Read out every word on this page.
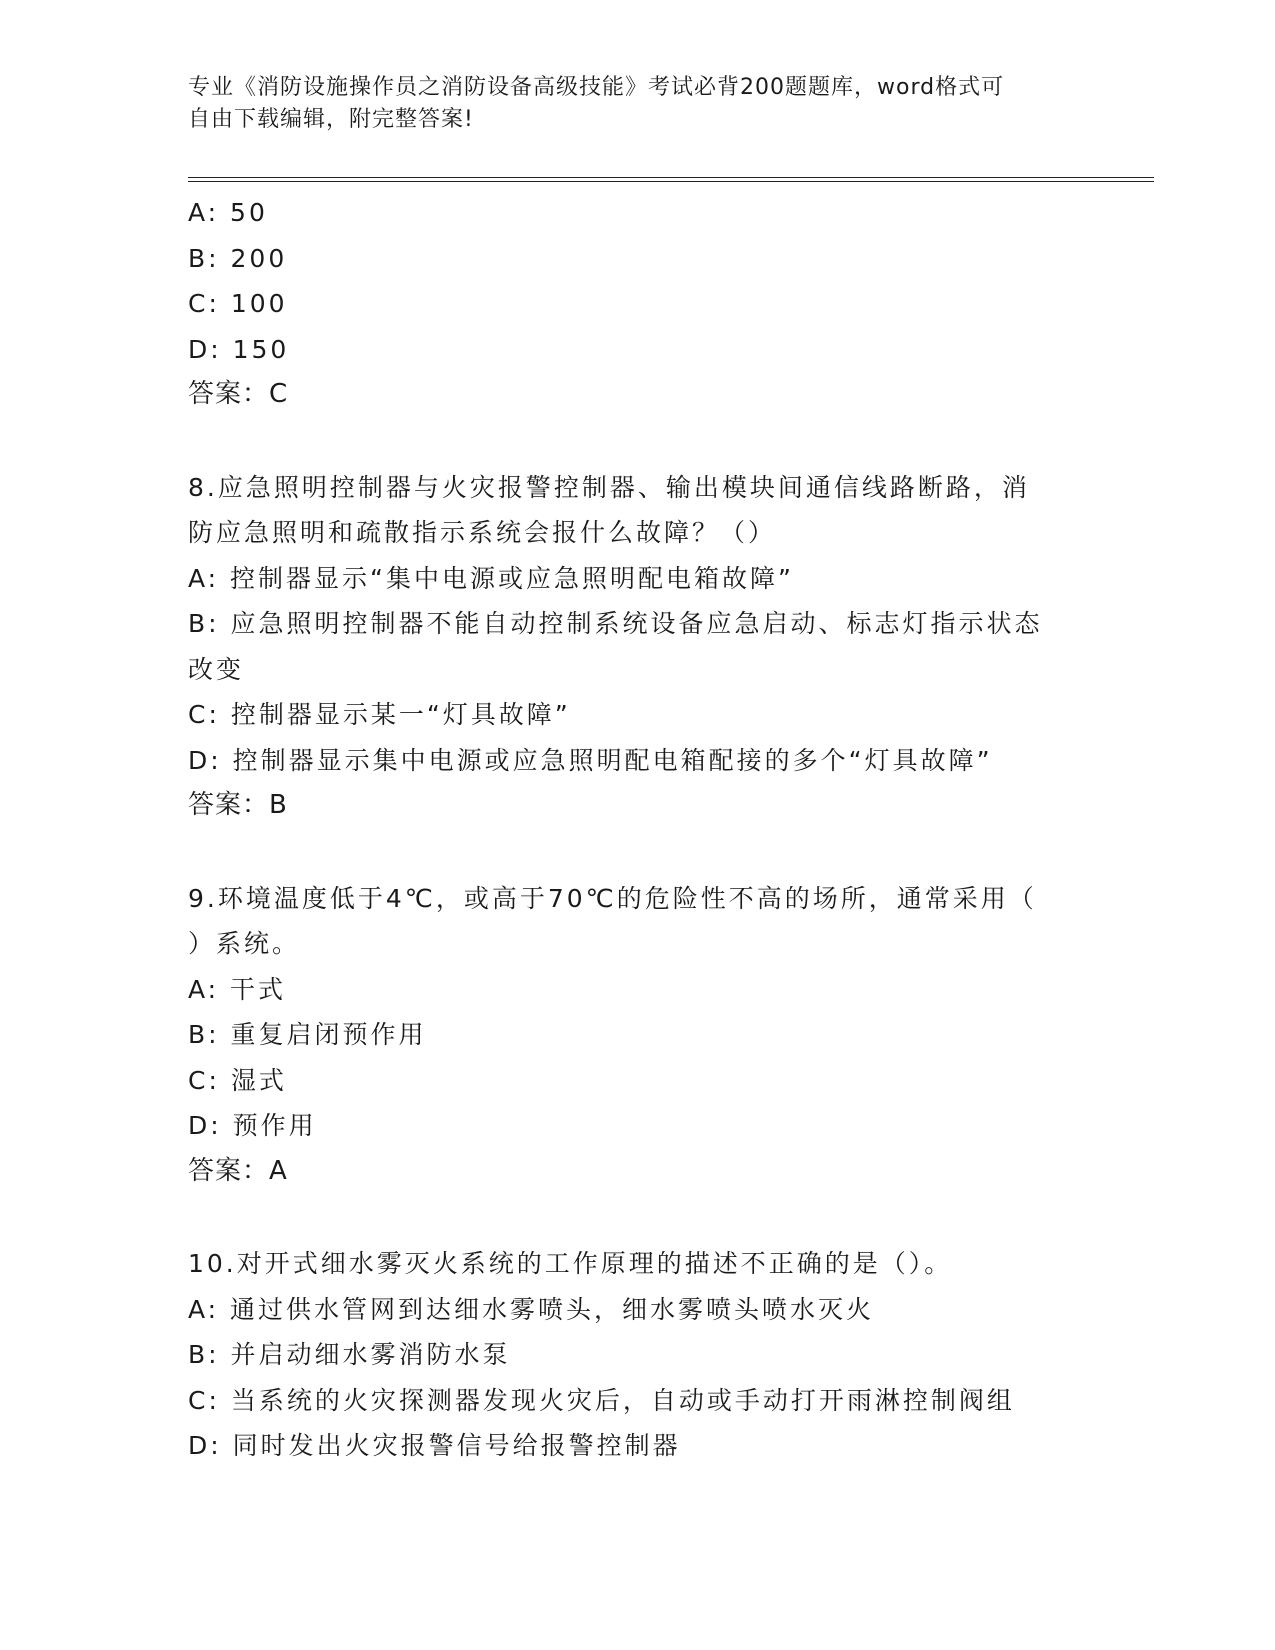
专业《消防设施操作员之消防设备高级技能》考试必背200题题库，word格式可
自由下载编辑，附完整答案!
A: 50
B: 200
C: 100
D: 150
答案：C
8.应急照明控制器与火灾报警控制器、输出模块间通信线路断路，消
防应急照明和疏散指示系统会报什么故障？（）
A: 控制器显示“集中电源或应急照明配电箱故障”
B: 应急照明控制器不能自动控制系统设备应急启动、标志灯指示状态
改变
C: 控制器显示某一“灯具故障”
D: 控制器显示集中电源或应急照明配电箱配接的多个“灯具故障”
答案：B
9.环境温度低于4℃，或高于70℃的危险性不高的场所，通常采用（
）系统。
A: 干式
B: 重复启闭预作用
C: 湿式
D: 预作用
答案：A
10.对开式细水雾灭火系统的工作原理的描述不正确的是（）。
A: 通过供水管网到达细水雾喷头，细水雾喷头喷水灭火
B: 并启动细水雾消防水泵
C: 当系统的火灾探测器发现火灾后，自动或手动打开雨淋控制阀组
D: 同时发出火灾报警信号给报警控制器
